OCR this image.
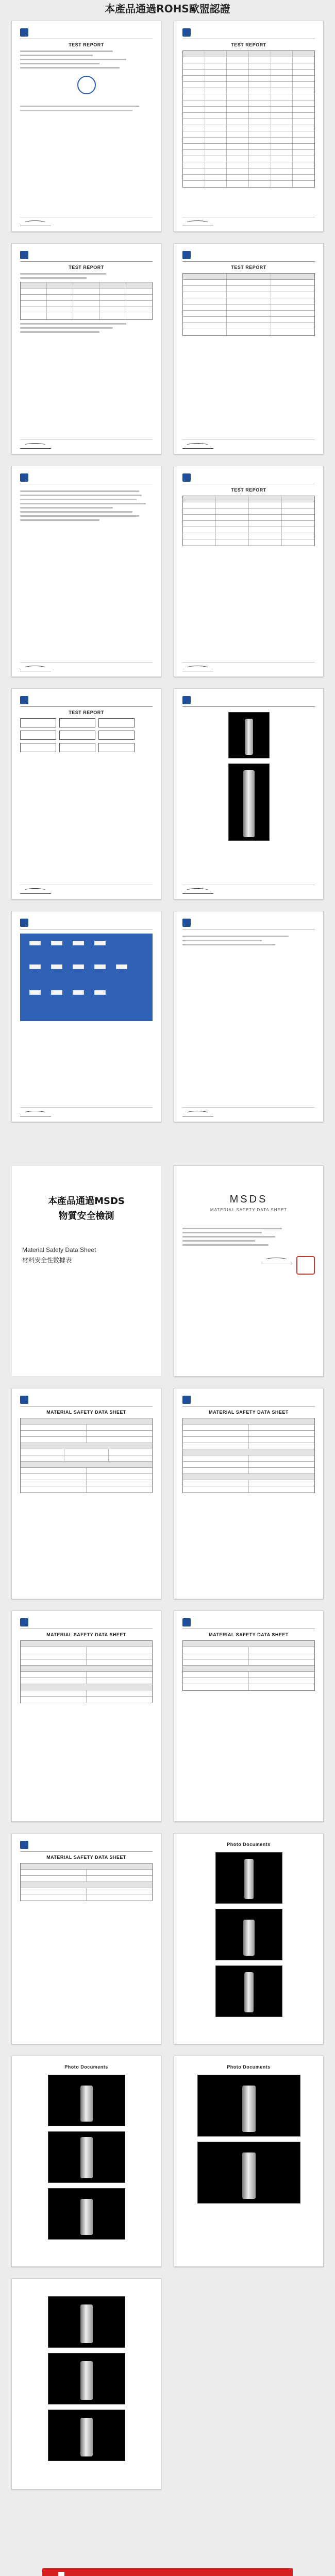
本產品通過ROHS歐盟認證
TEST REPORT	TEST REPORT
TEST REPORT	TEST REPORT
TEST REPORT
TEST REPORT
本產品通過MSDS
物質安全檢測
Material Safety Data Sheet
材料安全性數據表
MSDS
MATERIAL SAFETY DATA SHEET
MATERIAL SAFETY DATA SHEET	MATERIAL SAFETY DATA SHEET
MATERIAL SAFETY DATA SHEET	MATERIAL SAFETY DATA SHEET
MATERIAL SAFETY DATA SHEET
Photo Documents
Photo Documents	Photo Documents
